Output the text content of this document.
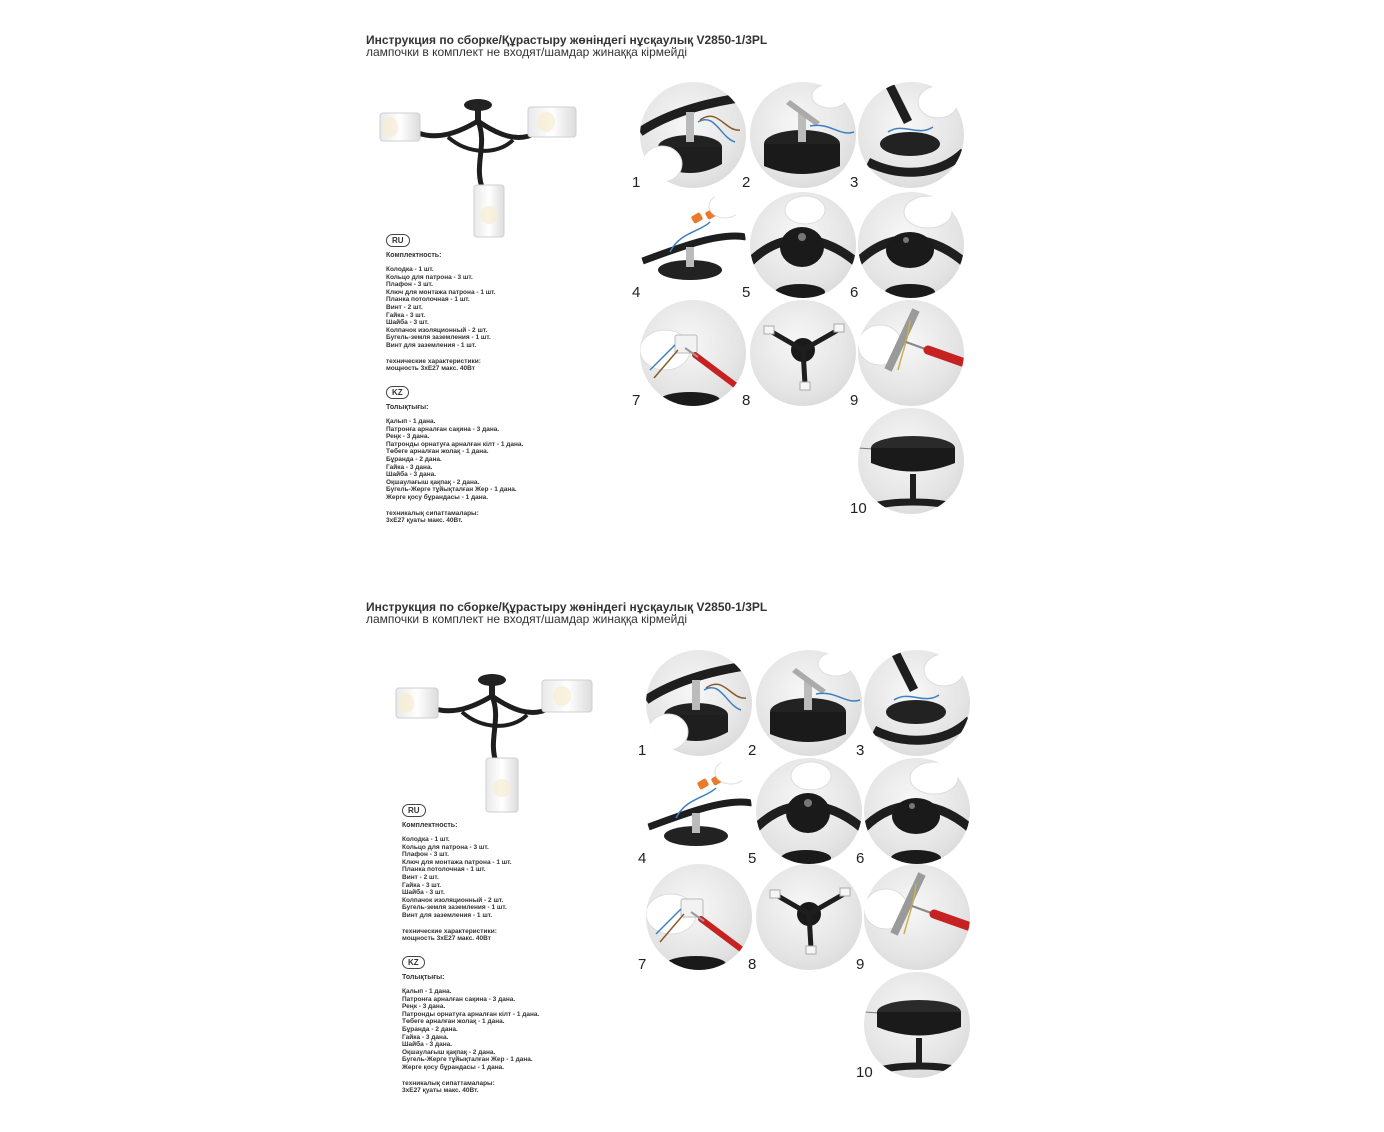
Инструкция по сборке/Құрастыру жөніндегі нұсқаулық V2850-1/3PL
лампочки в комплект не входят/шамдар жинаққа кірмейді
RU
Комплектность:
Колодка - 1 шт.
Кольцо для патрона - 3 шт.
Плафон - 3 шт.
Ключ для монтажа патрона - 1 шт.
Планка потолочная - 1 шт.
Винт - 2 шт.
Гайка - 3 шт.
Шайба - 3 шт.
Колпачок изоляционный - 2 шт.
Бугель-земля заземления - 1 шт.
Винт для заземления - 1 шт.
технические характеристики:
мощность 3хЕ27 макс. 40Вт
KZ
Толықтығы:
Қалып - 1 дана.
Патронға арналған сақина - 3 дана.
Реңк - 3 дана.
Патронды орнатуға арналған кілт - 1 дана.
Төбеге арналған жолақ - 1 дана.
Бұранда - 2 дана.
Гайка - 3 дана.
Шайба - 3 дана.
Оқшаулағыш қақпақ - 2 дана.
Бугель-Жерге тұйықталған Жер - 1 дана.
Жерге қосу бұрандасы - 1 дана.
техникалық сипаттамалары:
3хЕ27 қуаты макс. 40Вт.
1	2	3
4	5	6
7	8	9
10
Инструкция по сборке/Құрастыру жөніндегі нұсқаулық V2850-1/3PL
лампочки в комплект не входят/шамдар жинаққа кірмейді
RU
Комплектность:
Колодка - 1 шт.
Кольцо для патрона - 3 шт.
Плафон - 3 шт.
Ключ для монтажа патрона - 1 шт.
Планка потолочная - 1 шт.
Винт - 2 шт.
Гайка - 3 шт.
Шайба - 3 шт.
Колпачок изоляционный - 2 шт.
Бугель-земля заземления - 1 шт.
Винт для заземления - 1 шт.
технические характеристики:
мощность 3хЕ27 макс. 40Вт
KZ
Толықтығы:
Қалып - 1 дана.
Патронға арналған сақина - 3 дана.
Реңк - 3 дана.
Патронды орнатуға арналған кілт - 1 дана.
Төбеге арналған жолақ - 1 дана.
Бұранда - 2 дана.
Гайка - 3 дана.
Шайба - 3 дана.
Оқшаулағыш қақпақ - 2 дана.
Бугель-Жерге тұйықталған Жер - 1 дана.
Жерге қосу бұрандасы - 1 дана.
техникалық сипаттамалары:
3хЕ27 қуаты макс. 40Вт.
1	2	3
4	5	6
7	8	9
10
